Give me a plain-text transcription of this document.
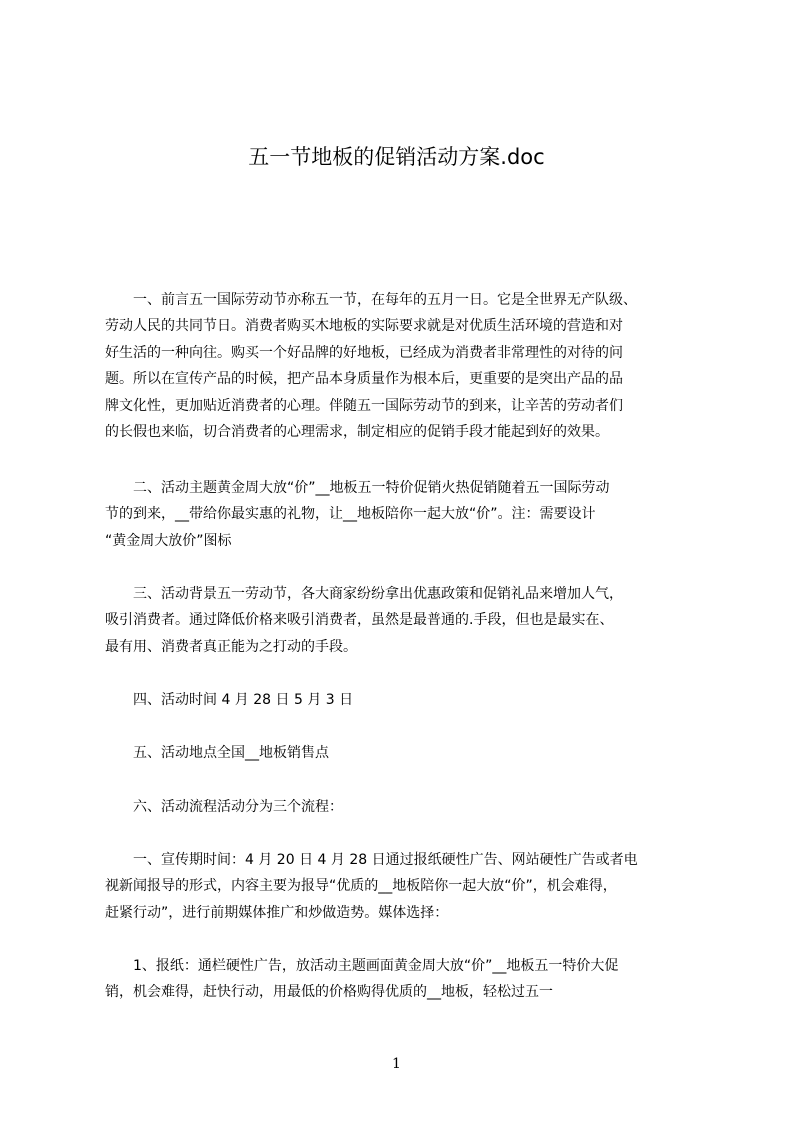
五一节地板的促销活动方案.doc
　　一、前言五一国际劳动节亦称五一节，在每年的五月一日。它是全世界无产队级、
劳动人民的共同节日。消费者购买木地板的实际要求就是对优质生活环境的营造和对
好生活的一种向往。购买一个好品牌的好地板，已经成为消费者非常理性的对待的问
题。所以在宣传产品的时候，把产品本身质量作为根本后，更重要的是突出产品的品
牌文化性，更加贴近消费者的心理。伴随五一国际劳动节的到来，让辛苦的劳动者们
的长假也来临，切合消费者的心理需求，制定相应的促销手段才能起到好的效果。
　　二、活动主题黄金周大放“价”__地板五一特价促销火热促销随着五一国际劳动
节的到来，__带给你最实惠的礼物，让__地板陪你一起大放“价”。注：需要设计
“黄金周大放价”图标
　　三、活动背景五一劳动节，各大商家纷纷拿出优惠政策和促销礼品来增加人气，
吸引消费者。通过降低价格来吸引消费者，虽然是最普通的.手段，但也是最实在、
最有用、消费者真正能为之打动的手段。
　　四、活动时间 4 月 28 日 5 月 3 日
　　五、活动地点全国__地板销售点
　　六、活动流程活动分为三个流程：
　　一、宣传期时间：4 月 20 日 4 月 28 日通过报纸硬性广告、网站硬性广告或者电
视新闻报导的形式，内容主要为报导“优质的__地板陪你一起大放“价”，机会难得，
赶紧行动”，进行前期媒体推广和炒做造势。媒体选择：
　　1、报纸：通栏硬性广告，放活动主题画面黄金周大放“价”__地板五一特价大促
销，机会难得，赶快行动，用最低的价格购得优质的__地板，轻松过五一
1
